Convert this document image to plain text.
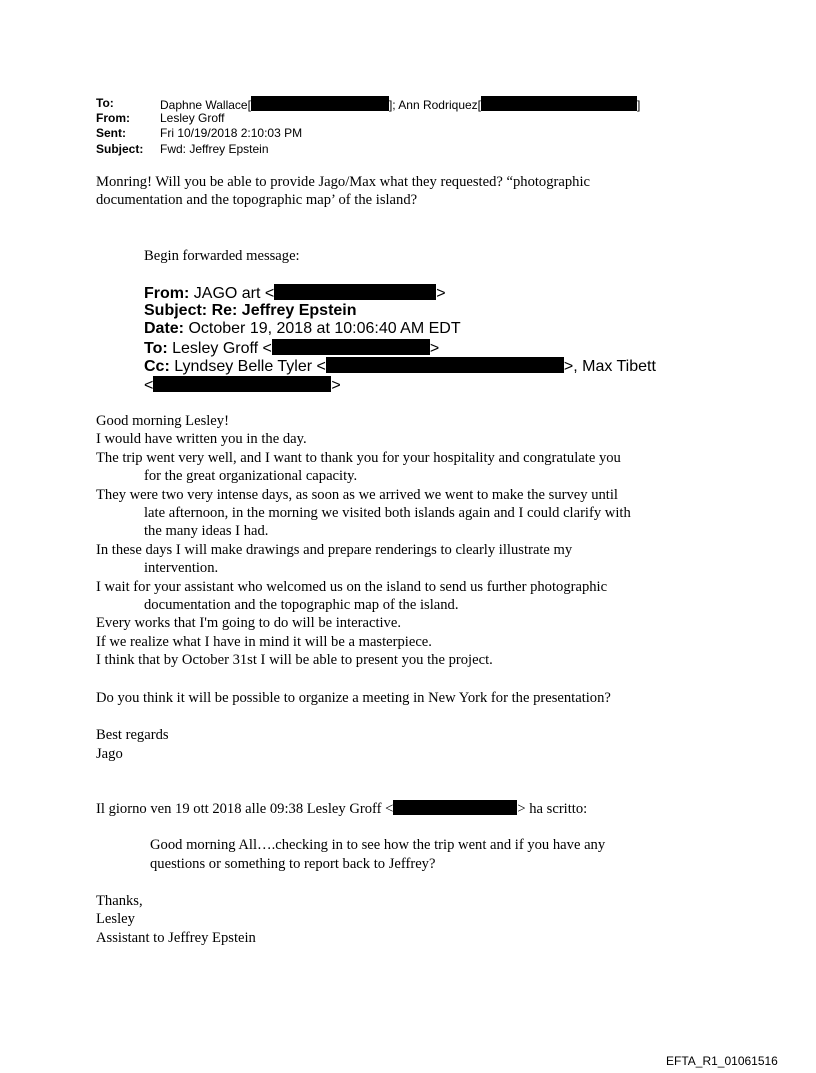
To:	Daphne Wallace[	]; Ann Rodriquez[	]
From:	Lesley Groff
Sent:	Fri 10/19/2018 2:10:03 PM
Subject: Fwd: Jeffrey Epstein
Monring! Will you be able to provide Jago/Max what they requested? “photographic
documentation and the topographic map’ of the island?
Begin forwarded message:
From: JAGO art <	>
Subject: Re: Jeffrey Epstein
Date: October 19, 2018 at 10:06:40 AM EDT
To: Lesley Groff <	>
Cc: Lyndsey Belle Tyler <	>, Max Tibett
<	>
Good morning Lesley!
I would have written you in the day.
The trip went very well, and I want to thank you for your hospitality and congratulate you
for the great organizational capacity.
They were two very intense days, as soon as we arrived we went to make the survey until
late afternoon, in the morning we visited both islands again and I could clarify with
the many ideas I had.
In these days I will make drawings and prepare renderings to clearly illustrate my
intervention.
I wait for your assistant who welcomed us on the island to send us further photographic
documentation and the topographic map of the island.
Every works that I'm going to do will be interactive.
If we realize what I have in mind it will be a masterpiece.
I think that by October 31st I will be able to present you the project.
Do you think it will be possible to organize a meeting in New York for the presentation?
Best regards
Jago
Il giorno ven 19 ott 2018 alle 09:38 Lesley Groff <	> ha scritto:
Good morning All….checking in to see how the trip went and if you have any
questions or something to report back to Jeffrey?
Thanks,
Lesley
Assistant to Jeffrey Epstein
EFTA_R1_01061516
